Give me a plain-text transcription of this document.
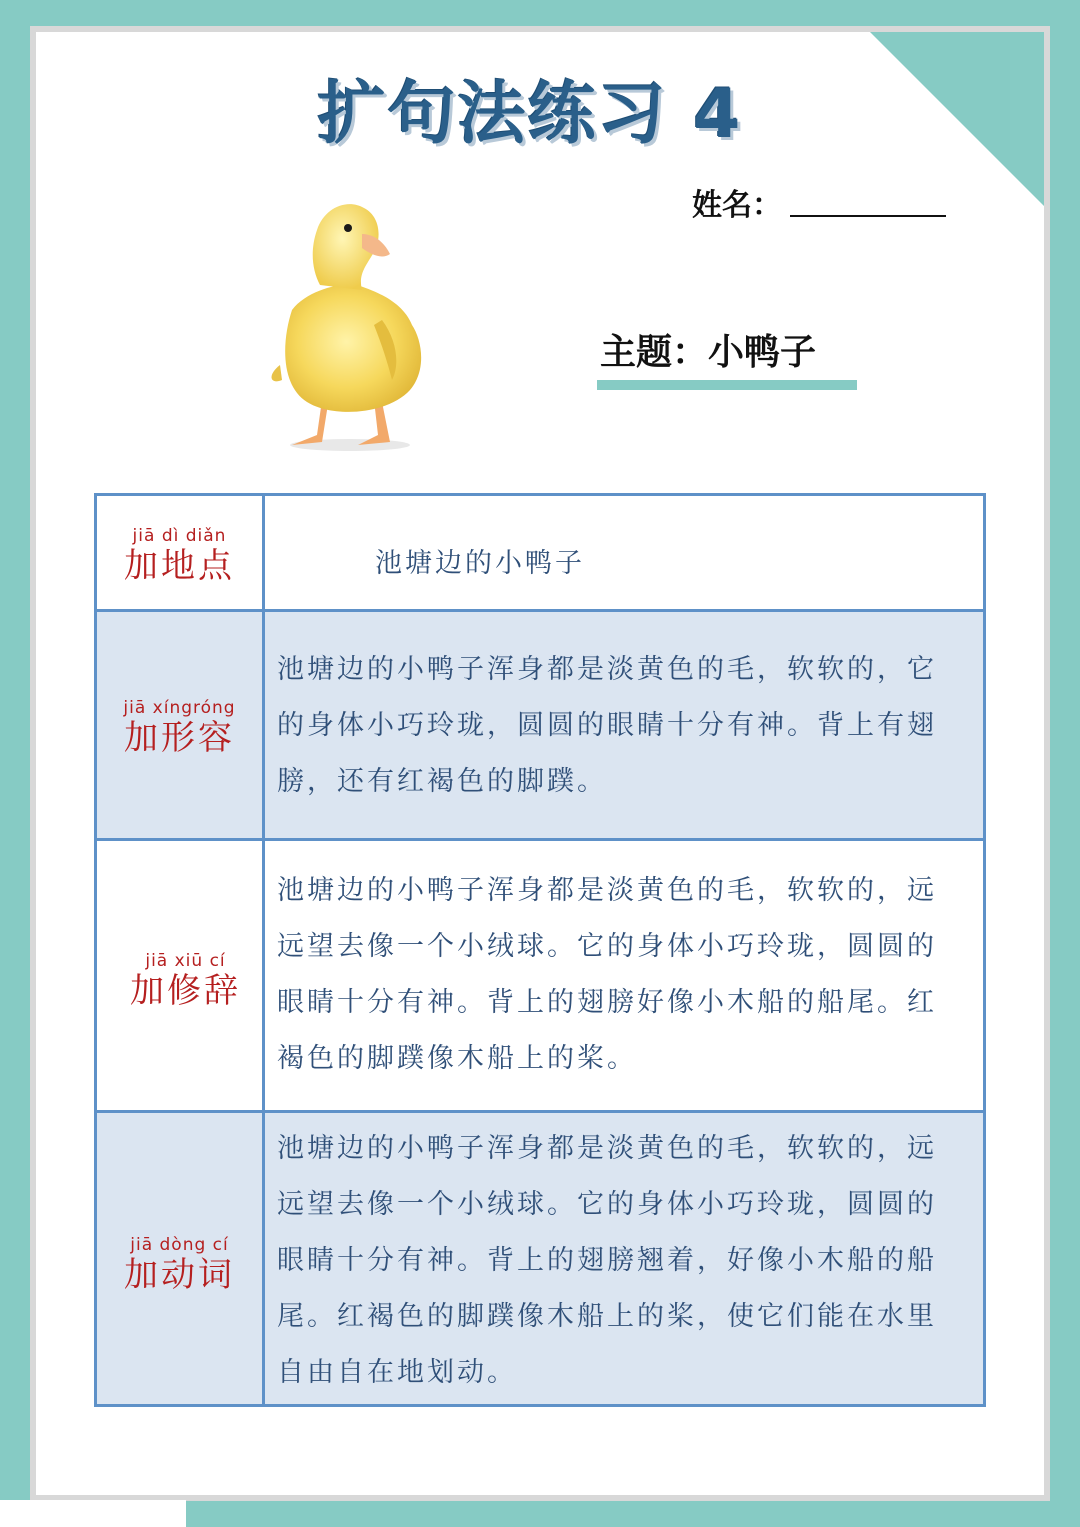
扩句法练习 4
姓名：
主题：小鸭子
jiā dì diǎn
加地点	池塘边的小鸭子
jiā xíngróng
加形容
池塘边的小鸭子浑身都是淡黄色的毛，软软的，它的身体小巧玲珑，圆圆的眼睛十分有神。背上有翅膀，还有红褐色的脚蹼。
jiā xiū cí
加修辞
池塘边的小鸭子浑身都是淡黄色的毛，软软的，远远望去像一个小绒球。它的身体小巧玲珑，圆圆的眼睛十分有神。背上的翅膀好像小木船的船尾。红褐色的脚蹼像木船上的桨。
jiā dòng cí
加动词
池塘边的小鸭子浑身都是淡黄色的毛，软软的，远远望去像一个小绒球。它的身体小巧玲珑，圆圆的眼睛十分有神。背上的翅膀翘着，好像小木船的船尾。红褐色的脚蹼像木船上的桨，使它们能在水里自由自在地划动。
